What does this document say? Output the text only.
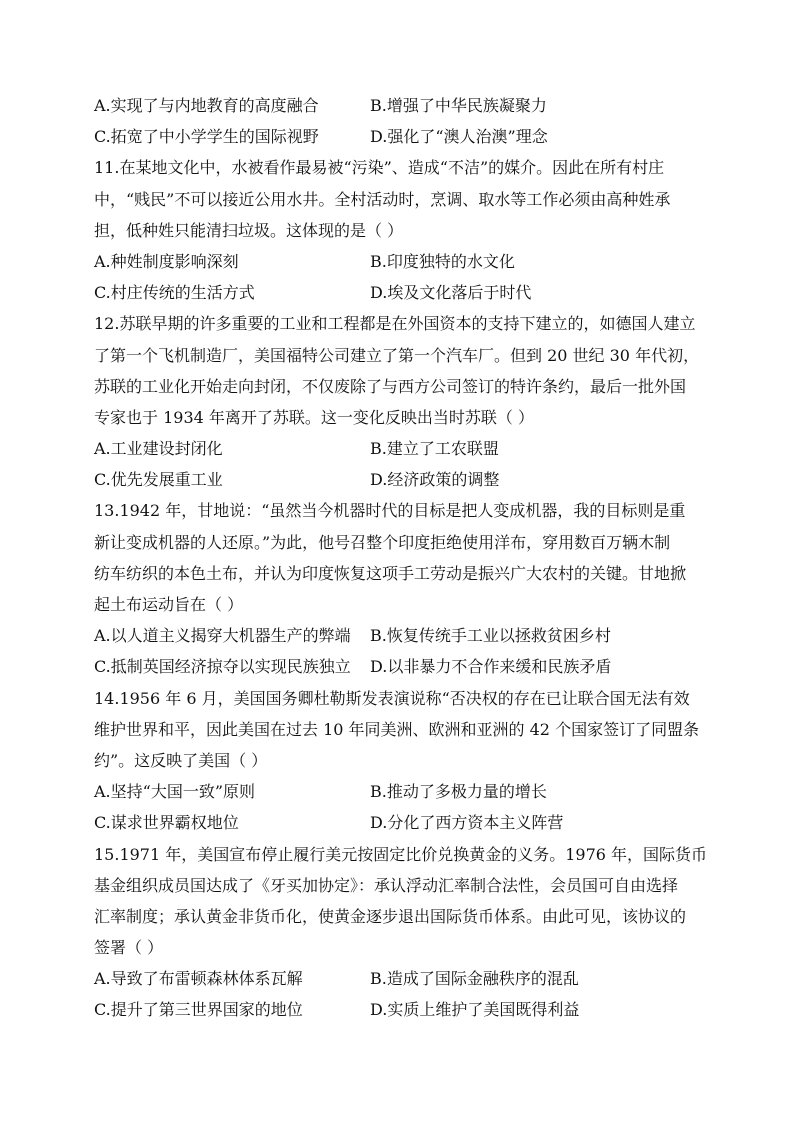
A.实现了与内地教育的高度融合	B.增强了中华民族凝聚力
C.拓宽了中小学学生的国际视野	D.强化了“澳人治澳”理念
11.在某地文化中，水被看作最易被“污染”、造成“不洁”的媒介。因此在所有村庄
中，“贱民”不可以接近公用水井。全村活动时，烹调、取水等工作必须由高种姓承
担，低种姓只能清扫垃圾。这体现的是（ ）
A.种姓制度影响深刻	B.印度独特的水文化
C.村庄传统的生活方式	D.埃及文化落后于时代
12.苏联早期的许多重要的工业和工程都是在外国资本的支持下建立的，如德国人建立
了第一个飞机制造厂，美国福特公司建立了第一个汽车厂。但到 20 世纪 30 年代初，
苏联的工业化开始走向封闭，不仅废除了与西方公司签订的特许条约，最后一批外国
专家也于 1934 年离开了苏联。这一变化反映出当时苏联（ ）
A.工业建设封闭化	B.建立了工农联盟
C.优先发展重工业	D.经济政策的调整
13.1942 年，甘地说：“虽然当今机器时代的目标是把人变成机器，我的目标则是重
新让变成机器的人还原。”为此，他号召整个印度拒绝使用洋布，穿用数百万辆木制
纺车纺织的本色土布，并认为印度恢复这项手工劳动是振兴广大农村的关键。甘地掀
起土布运动旨在（ ）
A.以人道主义揭穿大机器生产的弊端	B.恢复传统手工业以拯救贫困乡村
C.抵制英国经济掠夺以实现民族独立	D.以非暴力不合作来缓和民族矛盾
14.1956 年 6 月，美国国务卿杜勒斯发表演说称“否决权的存在已让联合国无法有效
维护世界和平，因此美国在过去 10 年同美洲、欧洲和亚洲的 42 个国家签订了同盟条
约”。这反映了美国（ ）
A.坚持“大国一致”原则	B.推动了多极力量的增长
C.谋求世界霸权地位	D.分化了西方资本主义阵营
15.1971 年，美国宣布停止履行美元按固定比价兑换黄金的义务。1976 年，国际货币
基金组织成员国达成了《牙买加协定》：承认浮动汇率制合法性，会员国可自由选择
汇率制度；承认黄金非货币化，使黄金逐步退出国际货币体系。由此可见，该协议的
签署（ ）
A.导致了布雷顿森林体系瓦解	B.造成了国际金融秩序的混乱
C.提升了第三世界国家的地位	D.实质上维护了美国既得利益
